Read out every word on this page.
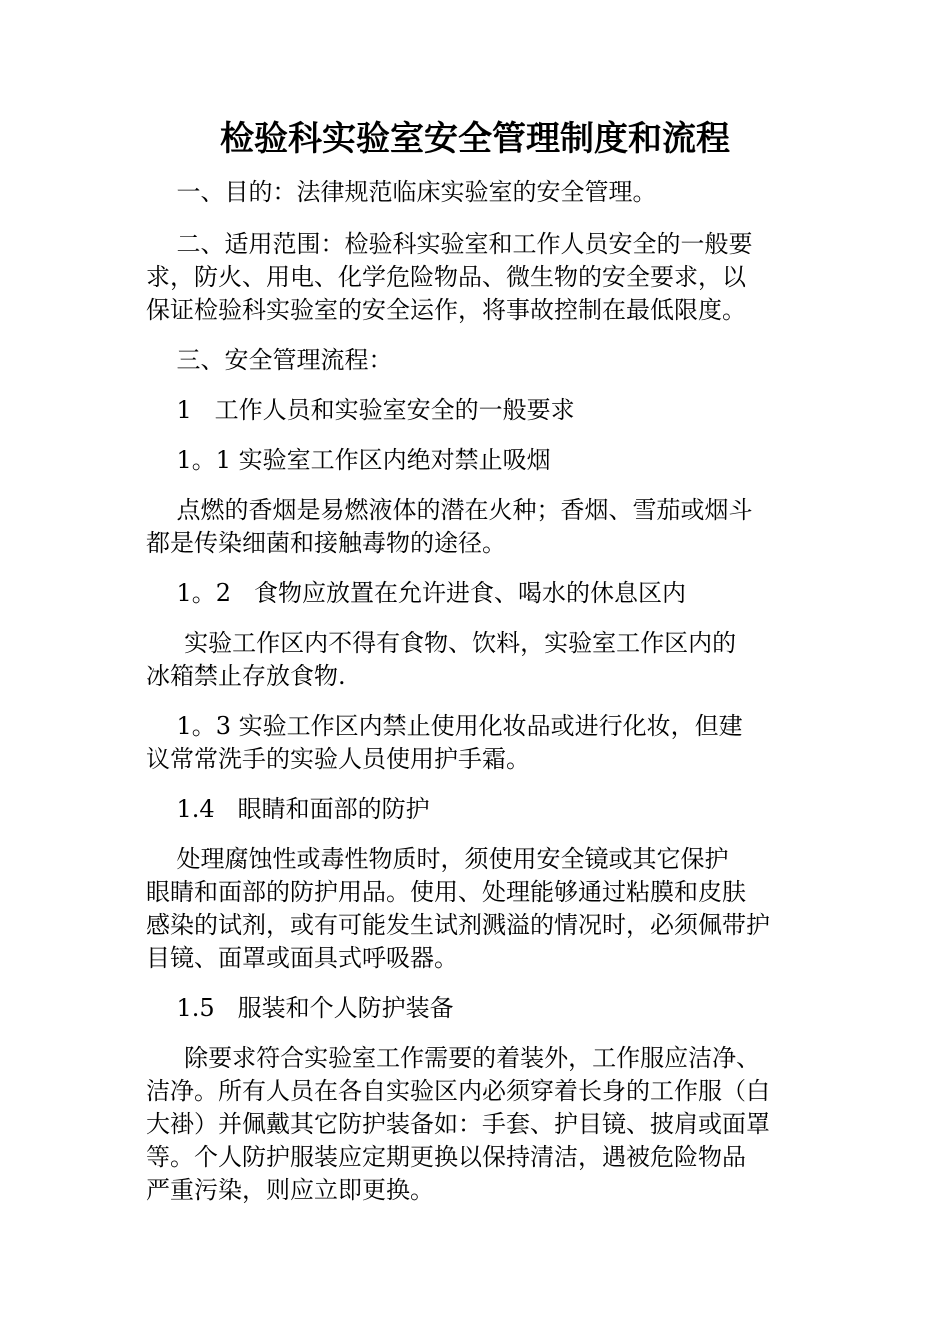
检验科实验室安全管理制度和流程

一、目的：法律规范临床实验室的安全管理。

二、适用范围：检验科实验室和工作人员安全的一般要

求，防火、用电、化学危险物品、微生物的安全要求，以

保证检验科实验室的安全运作，将事故控制在最低限度。

三、安全管理流程：

1   工作人员和实验室安全的一般要求

1。1 实验室工作区内绝对禁止吸烟

点燃的香烟是易燃液体的潜在火种；香烟、雪茄或烟斗

都是传染细菌和接触毒物的途径。

1。2   食物应放置在允许进食、喝水的休息区内

实验工作区内不得有食物、饮料，实验室工作区内的

冰箱禁止存放食物.

1。3 实验工作区内禁止使用化妆品或进行化妆，但建

议常常洗手的实验人员使用护手霜。

1.4   眼睛和面部的防护

处理腐蚀性或毒性物质时，须使用安全镜或其它保护

眼睛和面部的防护用品。使用、处理能够通过粘膜和皮肤

感染的试剂，或有可能发生试剂溅溢的情况时，必须佩带护

目镜、面罩或面具式呼吸器。

1.5   服装和个人防护装备

除要求符合实验室工作需要的着装外，工作服应洁净、

洁净。所有人员在各自实验区内必须穿着长身的工作服（白

大褂）并佩戴其它防护装备如：手套、护目镜、披肩或面罩

等。个人防护服装应定期更换以保持清洁，遇被危险物品

严重污染，则应立即更换。
